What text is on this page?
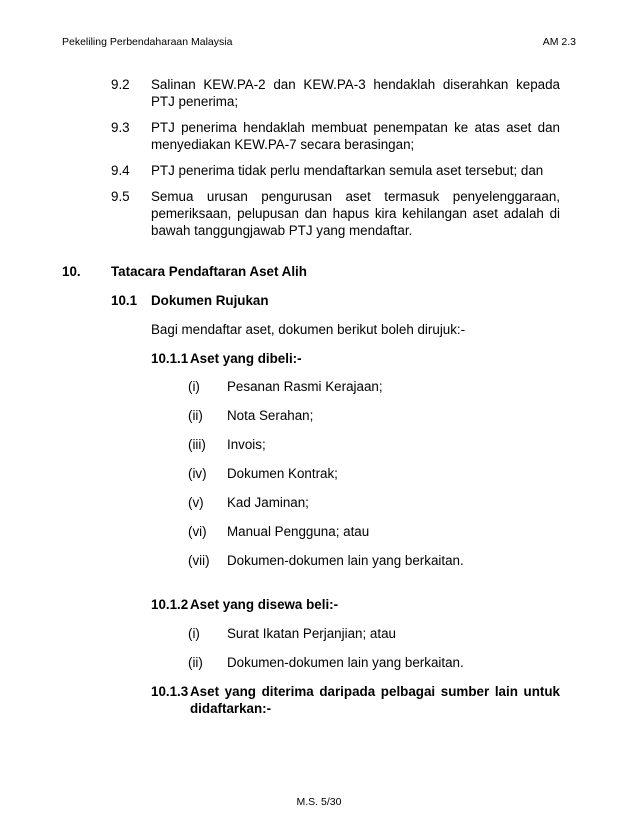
Pekeliling Perbendaharaan Malaysia	AM 2.3
9.2 Salinan KEW.PA-2 dan KEW.PA-3 hendaklah diserahkan kepada PTJ penerima;
9.3 PTJ penerima hendaklah membuat penempatan ke atas aset dan menyediakan KEW.PA-7 secara berasingan;
9.4 PTJ penerima tidak perlu mendaftarkan semula aset tersebut; dan
9.5 Semua urusan pengurusan aset termasuk penyelenggaraan, pemeriksaan, pelupusan dan hapus kira kehilangan aset adalah di bawah tanggungjawab PTJ yang mendaftar.
10. Tatacara Pendaftaran Aset Alih
10.1 Dokumen Rujukan
Bagi mendaftar aset, dokumen berikut boleh dirujuk:-
10.1.1 Aset yang dibeli:-
(i) Pesanan Rasmi Kerajaan;
(ii) Nota Serahan;
(iii) Invois;
(iv) Dokumen Kontrak;
(v) Kad Jaminan;
(vi) Manual Pengguna; atau
(vii) Dokumen-dokumen lain yang berkaitan.
10.1.2 Aset yang disewa beli:-
(i) Surat Ikatan Perjanjian; atau
(ii) Dokumen-dokumen lain yang berkaitan.
10.1.3 Aset yang diterima daripada pelbagai sumber lain untuk didaftarkan:-
M.S. 5/30
